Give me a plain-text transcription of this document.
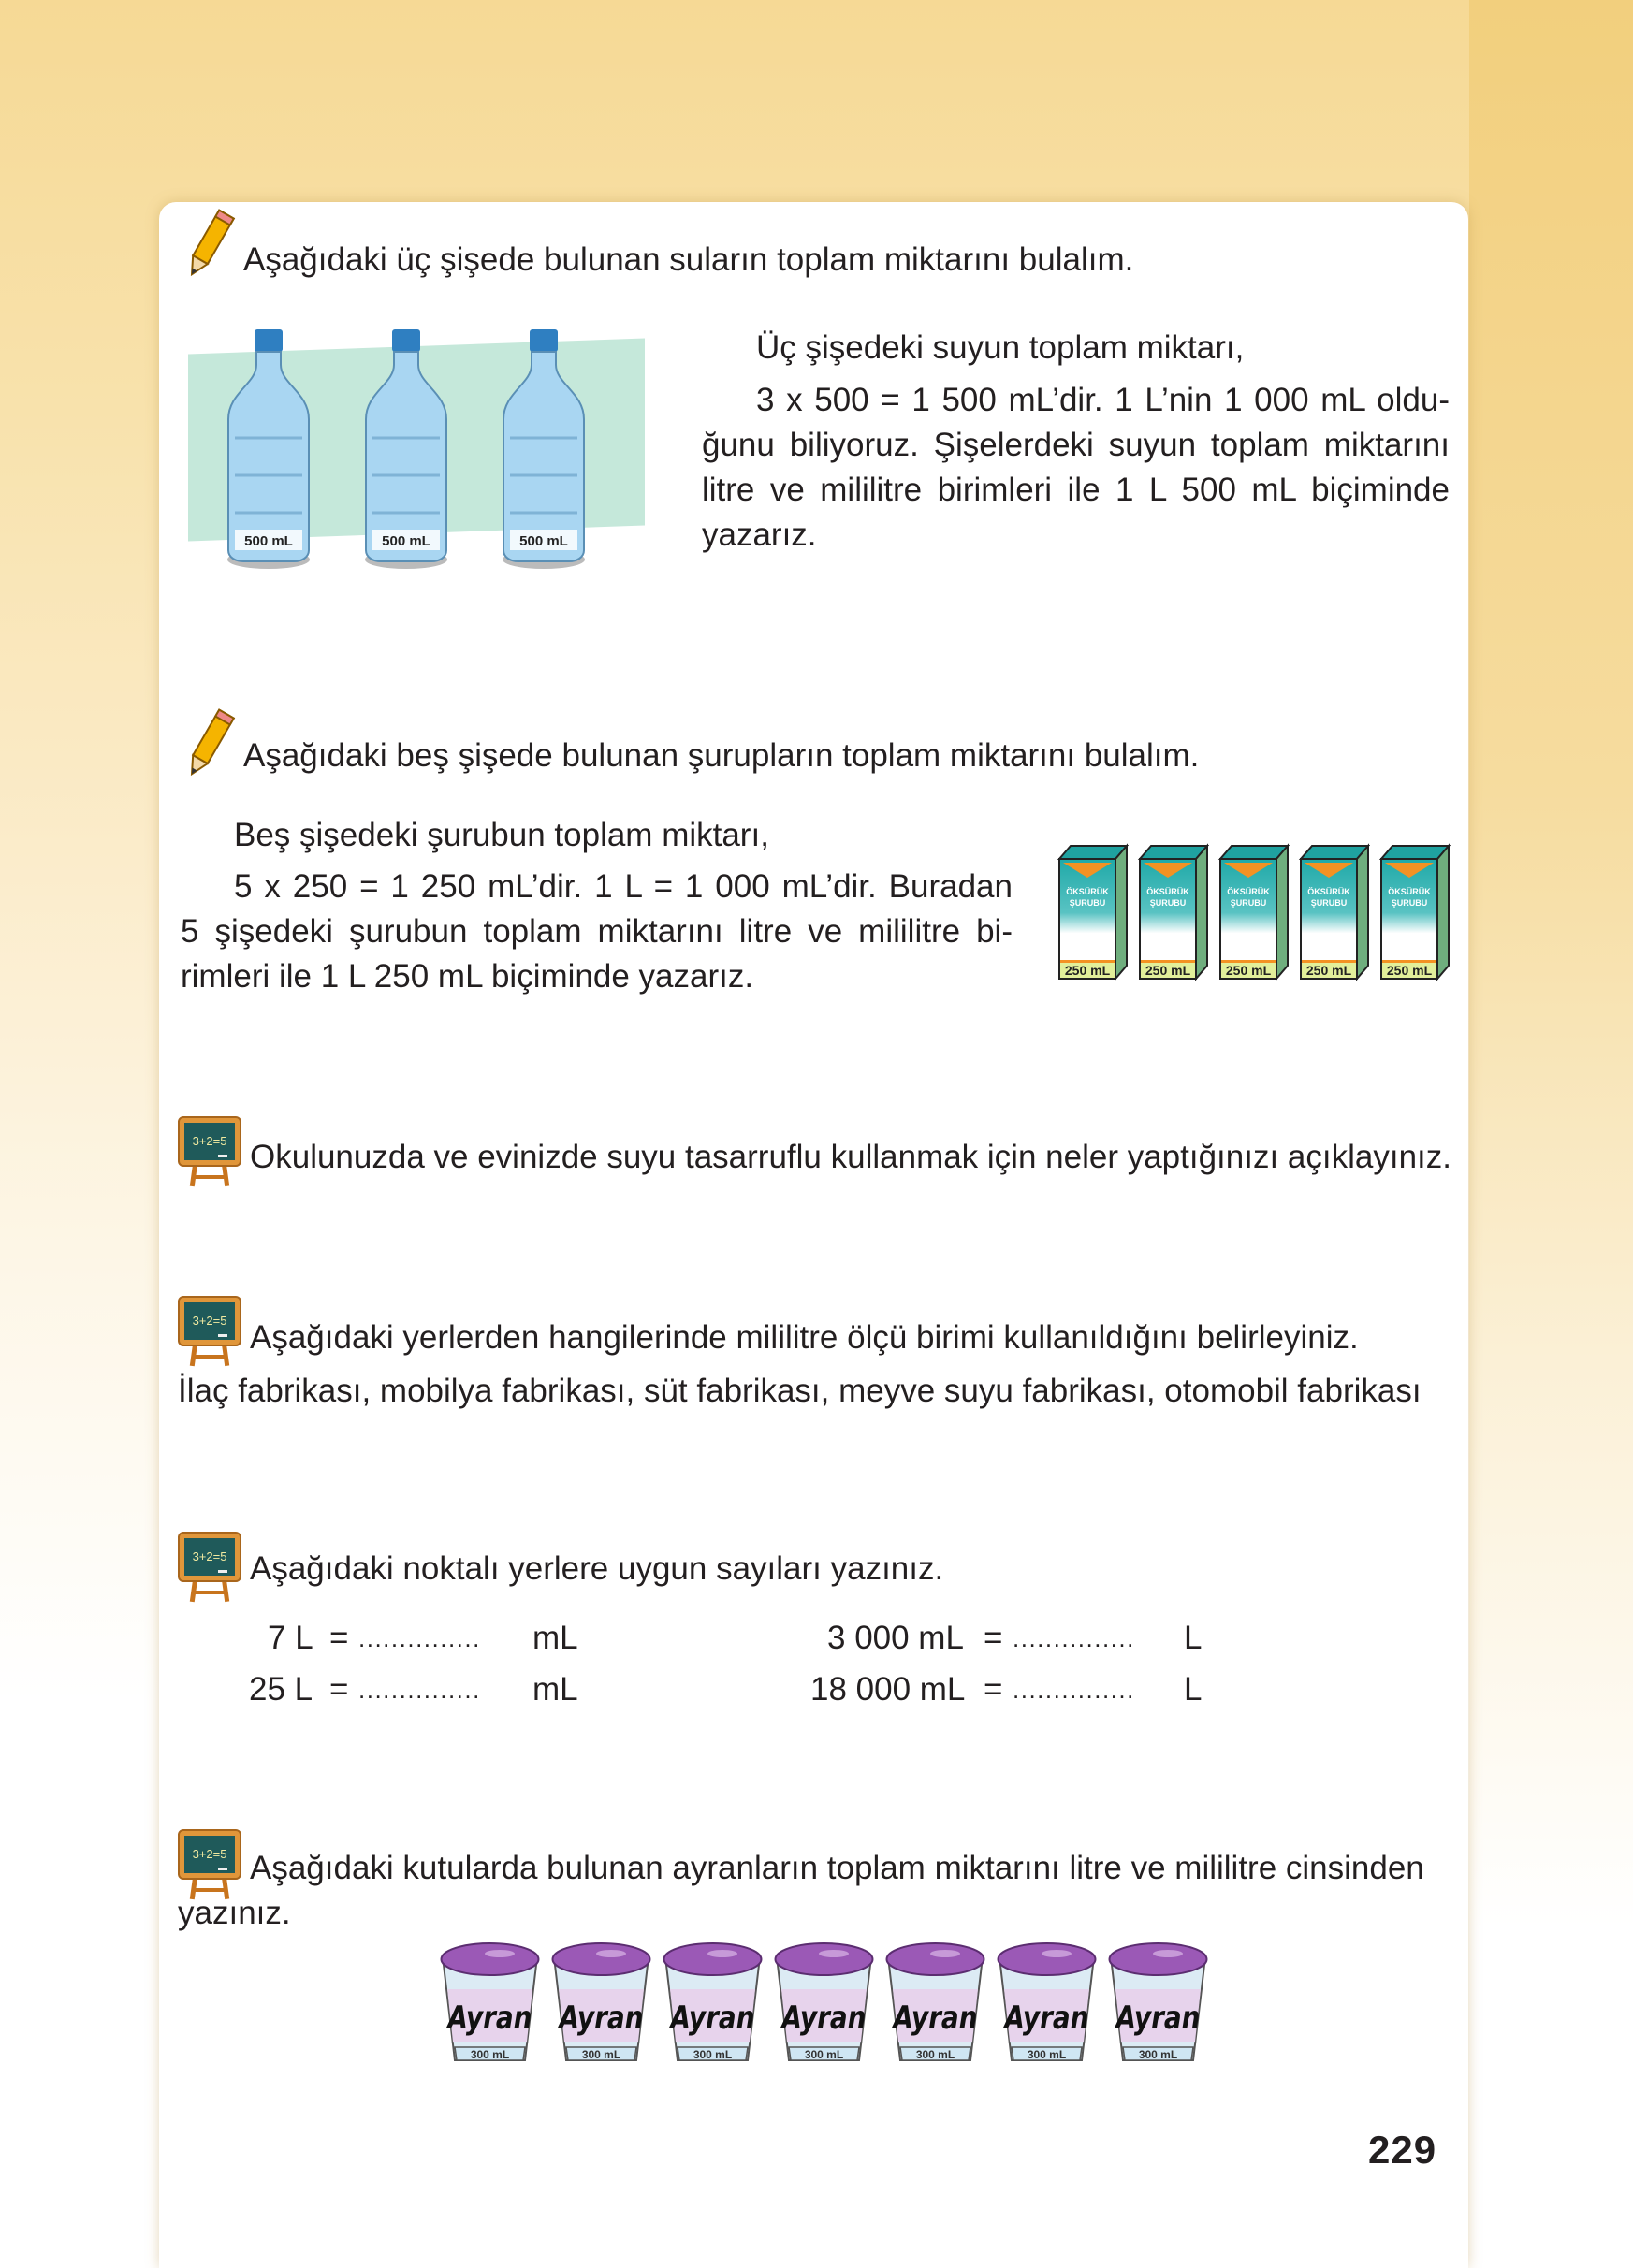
Aşağıdaki üç şişede bulunan suların toplam miktarını bulalım.
500 mL	500 mL	500 mL
Üç şişedeki suyun toplam miktarı,
3 x 500 = 1 500 mL’dir. 1 L’nin 1 000 mL oldu-
ğunu biliyoruz. Şişelerdeki suyun toplam miktarını
litre ve mililitre birimleri ile 1 L 500 mL biçiminde
yazarız.
Aşağıdaki beş şişede bulunan şurupların toplam miktarını bulalım.
Beş şişedeki şurubun toplam miktarı,
5 x 250 = 1 250 mL’dir. 1 L = 1 000 mL’dir. Buradan
5 şişedeki şurubun toplam miktarını litre ve mililitre bi-
rimleri ile 1 L 250 mL biçiminde yazarız.
ÖKSÜRÜK
ŞURUBU
250 mL
ÖKSÜRÜK
ŞURUBU
250 mL
ÖKSÜRÜK
ŞURUBU
250 mL
ÖKSÜRÜK
ŞURUBU
250 mL
ÖKSÜRÜK
ŞURUBU
250 mL
3+2=5 Okulunuzda ve evinizde suyu tasarruflu kullanmak için neler yaptığınızı açıklayınız.
3+2=5 Aşağıdaki yerlerden hangilerinde mililitre ölçü birimi kullanıldığını belirleyiniz.
İlaç fabrikası, mobilya fabrikası, süt fabrikası, meyve suyu fabrikası, otomobil fabrikası
3+2=5 Aşağıdaki noktalı yerlere uygun sayıları yazınız.
7 L
25 L
3 000 mL
18 000 mL
=
=
=
=
...............
...............
...............
...............
mL
mL
L
L
3+2=5 Aşağıdaki kutularda bulunan ayranların toplam miktarını litre ve mililitre cinsinden
yazınız.
Ayran
300 mL
Ayran
300 mL
Ayran
300 mL
Ayran
300 mL
Ayran
300 mL
Ayran
300 mL
Ayran
300 mL
229
